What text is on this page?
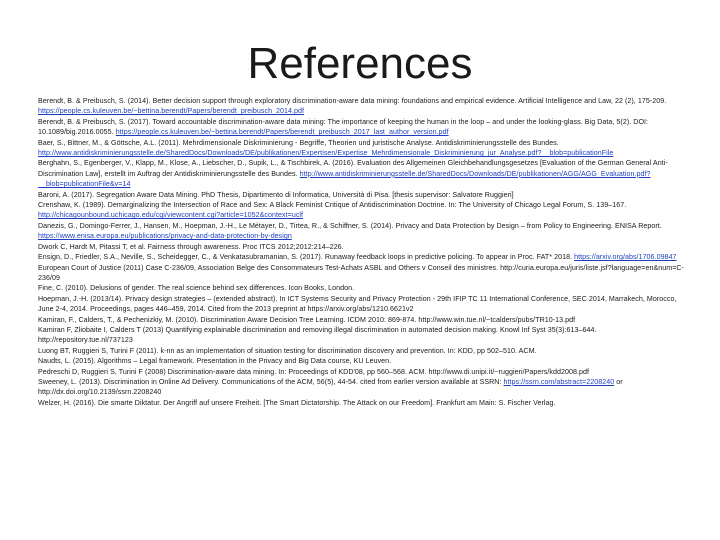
References

Berendt, B. & Preibusch, S. (2014). Better decision support through exploratory discrimination-aware data mining: foundations and empirical evidence. Artificial Intelligence and Law, 22 (2), 175-209. https://people.cs.kuleuven.be/~bettina.berendt/Papers/berendt_preibusch_2014.pdf

Berendt, B. & Preibusch, S. (2017). Toward accountable discrimination-aware data mining: The importance of keeping the human in the loop – and under the looking-glass. Big Data, 5(2). DOI: 10.1089/big.2016.0055. https://people.cs.kuleuven.be/~bettina.berendt/Papers/berendt_preibusch_2017_last_author_version.pdf

Baer, S., Bittner, M., & Göttsche, A.L. (2011). Mehrdimensionale Diskriminierung - Begriffe, Theorien und juristische Analyse. Antidiskriminierungsstelle des Bundes. http://www.antidiskriminierungsstelle.de/SharedDocs/Downloads/DE/publikationen/Expertisen/Expertise_Mehrdimensionale_Diskriminierung_jur_Analyse.pdf?__blob=publicationFile

Berghahn, S., Egenberger, V., Klapp, M., Klose, A., Liebscher, D., Supik, L., & Tischbirek, A. (2016). Evaluation des Allgemeinen Gleichbehandlungsgesetzes [Evaluation of the German General Anti-Discrimination Law], erstellt im Auftrag der Antidiskriminierungsstelle des Bundes. http://www.antidiskriminierungsstelle.de/SharedDocs/Downloads/DE/publikationen/AGG/AGG_Evaluation.pdf?__blob=publicationFile&v=14

Baroni, A. (2017). Segregation Aware Data Mining. PhD Thesis, Dipartimento di Informatica, Università di Pisa. [thesis supervisor: Salvatore Ruggieri]

Crenshaw, K. (1989). Demarginalizing the Intersection of Race and Sex: A Black Feminist Critique of Antidiscrimination Doctrine. In: The University of Chicago Legal Forum, S. 139–167. http://chicagounbound.uchicago.edu/cgi/viewcontent.cgi?article=1052&context=uclf

Danezis, G., Domingo-Ferrer, J., Hansen, M., Hoepman, J.-H., Le Métayer, D., Tirtea, R., & Schiffner, S. (2014). Privacy and Data Protection by Design – from Policy to Engineering. ENISA Report. https://www.enisa.europa.eu/publications/privacy-and-data-protection-by-design

Dwork C, Hardt M, Pitassi T, et al. Fairness through awareness. Proc ITCS 2012;2012:214–226.

Ensign, D., Friedler, S.A., Neville, S., Scheidegger, C., & Venkatasubramanian, S. (2017). Runaway feedback loops in predictive policing. To appear in Proc. FAT* 2018. https://arxiv.org/abs/1706.09847

European Court of Justice (2011) Case C-236/09, Association Belge des Consommateurs Test-Achats ASBL and Others v Conseil des ministres. http://curia.europa.eu/juris/liste.jsf?language=en&num=C-236/09

Fine, C. (2010). Delusions of gender. The real science behind sex differences. Icon Books, London.

Hoepman, J.-H. (2013/14). Privacy design strategies – (extended abstract). In ICT Systems Security and Privacy Protection - 29th IFIP TC 11 International Conference, SEC 2014, Marrakech, Morocco, June 2-4, 2014. Proceedings, pages 446–459, 2014. Cited from the 2013 preprint at https://arxiv.org/abs/1210.6621v2

Kamiran, F., Calders, T., & Pechenizkiy, M. (2010). Discrimination Aware Decision Tree Learning. ICDM 2010: 869-874. http://www.win.tue.nl/~tcalders/pubs/TR10-13.pdf

Kamiran F, Zliobaite I, Calders T (2013) Quantifying explainable discrimination and removing illegal discrimination in automated decision making. Knowl Inf Syst 35(3):613–644. http://repository.tue.nl/737123

Luong BT, Ruggieri S, Turini F (2011). k-nn as an implementation of situation testing for discrimination discovery and prevention. In: KDD, pp 502–510. ACM.

Naudts, L. (2015). Algorithms – Legal framework. Presentation in the Privacy and Big Data course, KU Leuven.

Pedreschi D, Ruggieri S, Turini F (2008) Discrimination-aware data mining. In: Proceedings of KDD'08, pp 560–568. ACM. http://www.di.unipi.it/~ruggieri/Papers/kdd2008.pdf

Sweeney, L. (2013). Discrimination in Online Ad Delivery. Communications of the ACM, 56(5), 44-54. cited from earlier version available at SSRN: https://ssrn.com/abstract=2208240 or http://dx.doi.org/10.2139/ssrn.2208240

Welzer, H. (2016). Die smarte Diktatur. Der Angriff auf unsere Freiheit. [The Smart Dictatorship. The Attack on our Freedom]. Frankfurt am Main: S. Fischer Verlag.
